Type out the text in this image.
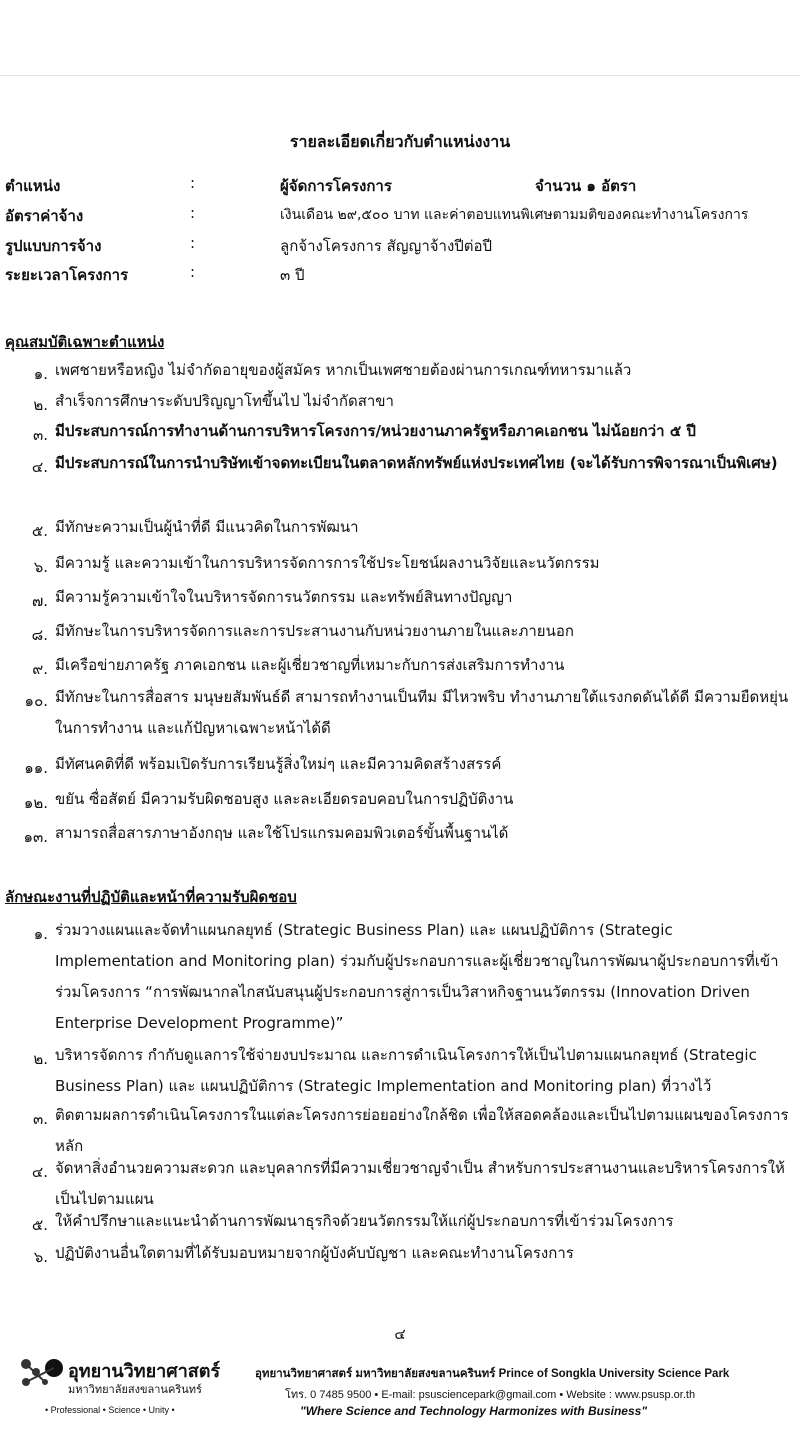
รายละเอียดเกี่ยวกับตำแหน่งงาน
ตำแหน่ง	:	ผู้จัดการโครงการ	จำนวน ๑ อัตรา
อัตราค่าจ้าง	:	เงินเดือน ๒๙,๕๐๐ บาท และค่าตอบแทนพิเศษตามมติของคณะทำงานโครงการ
รูปแบบการจ้าง	:	ลูกจ้างโครงการ สัญญาจ้างปีต่อปี
ระยะเวลาโครงการ	:	๓ ปี
คุณสมบัติเฉพาะตำแหน่ง
๑. เพศชายหรือหญิง ไม่จำกัดอายุของผู้สมัคร หากเป็นเพศชายต้องผ่านการเกณฑ์ทหารมาแล้ว
๒. สำเร็จการศึกษาระดับปริญญาโทขึ้นไป ไม่จำกัดสาขา
๓. มีประสบการณ์การทำงานด้านการบริหารโครงการ/หน่วยงานภาครัฐหรือภาคเอกชน ไม่น้อยกว่า ๕ ปี
๔. มีประสบการณ์ในการนำบริษัทเข้าจดทะเบียนในตลาดหลักทรัพย์แห่งประเทศไทย (จะได้รับการพิจารณาเป็นพิเศษ)
๕. มีทักษะความเป็นผู้นำที่ดี มีแนวคิดในการพัฒนา
๖. มีความรู้ และความเข้าในการบริหารจัดการการใช้ประโยชน์ผลงานวิจัยและนวัตกรรม
๗. มีความรู้ความเข้าใจในบริหารจัดการนวัตกรรม และทรัพย์สินทางปัญญา
๘. มีทักษะในการบริหารจัดการและการประสานงานกับหน่วยงานภายในและภายนอก
๙. มีเครือข่ายภาครัฐ ภาคเอกชน และผู้เชี่ยวชาญที่เหมาะกับการส่งเสริมการทำงาน
๑๐. มีทักษะในการสื่อสาร มนุษยสัมพันธ์ดี สามารถทำงานเป็นทีม มีไหวพริบ ทำงานภายใต้แรงกดดันได้ดี มีความยืดหยุ่นในการทำงาน และแก้ปัญหาเฉพาะหน้าได้ดี
๑๑. มีทัศนคติที่ดี พร้อมเปิดรับการเรียนรู้สิ่งใหม่ๆ และมีความคิดสร้างสรรค์
๑๒. ขยัน ซื่อสัตย์ มีความรับผิดชอบสูง และละเอียดรอบคอบในการปฏิบัติงาน
๑๓. สามารถสื่อสารภาษาอังกฤษ และใช้โปรแกรมคอมพิวเตอร์ขั้นพื้นฐานได้
ลักษณะงานที่ปฏิบัติและหน้าที่ความรับผิดชอบ
๑. ร่วมวางแผนและจัดทำแผนกลยุทธ์ (Strategic Business Plan) และ แผนปฏิบัติการ (Strategic Implementation and Monitoring plan) ร่วมกับผู้ประกอบการและผู้เชี่ยวชาญในการพัฒนาผู้ประกอบการที่เข้าร่วมโครงการ “การพัฒนากลไกสนับสนุนผู้ประกอบการสู่การเป็นวิสาหกิจฐานนวัตกรรม (Innovation Driven Enterprise Development Programme)”
๒. บริหารจัดการ กำกับดูแลการใช้จ่ายงบประมาณ และการดำเนินโครงการให้เป็นไปตามแผนกลยุทธ์ (Strategic Business Plan) และ แผนปฏิบัติการ (Strategic Implementation and Monitoring plan) ที่วางไว้
๓. ติดตามผลการดำเนินโครงการในแต่ละโครงการย่อยอย่างใกล้ชิด เพื่อให้สอดคล้องและเป็นไปตามแผนของโครงการหลัก
๔. จัดหาสิ่งอำนวยความสะดวก และบุคลากรที่มีความเชี่ยวชาญจำเป็น สำหรับการประสานงานและบริหารโครงการให้เป็นไปตามแผน
๕. ให้คำปรึกษาและแนะนำด้านการพัฒนาธุรกิจด้วยนวัตกรรมให้แก่ผู้ประกอบการที่เข้าร่วมโครงการ
๖. ปฏิบัติงานอื่นใดตามที่ได้รับมอบหมายจากผู้บังคับบัญชา และคณะทำงานโครงการ
๔
อุทยานวิทยาศาสตร์
มหาวิทยาลัยสงขลานครินทร์
• Professional • Science • Unity •
อุทยานวิทยาศาสตร์ มหาวิทยาลัยสงขลานครินทร์ Prince of Songkla University Science Park
โทร. 0 7485 9500 • E-mail: psusciencepark@gmail.com • Website : www.psusp.or.th
"Where Science and Technology Harmonizes with Business"
